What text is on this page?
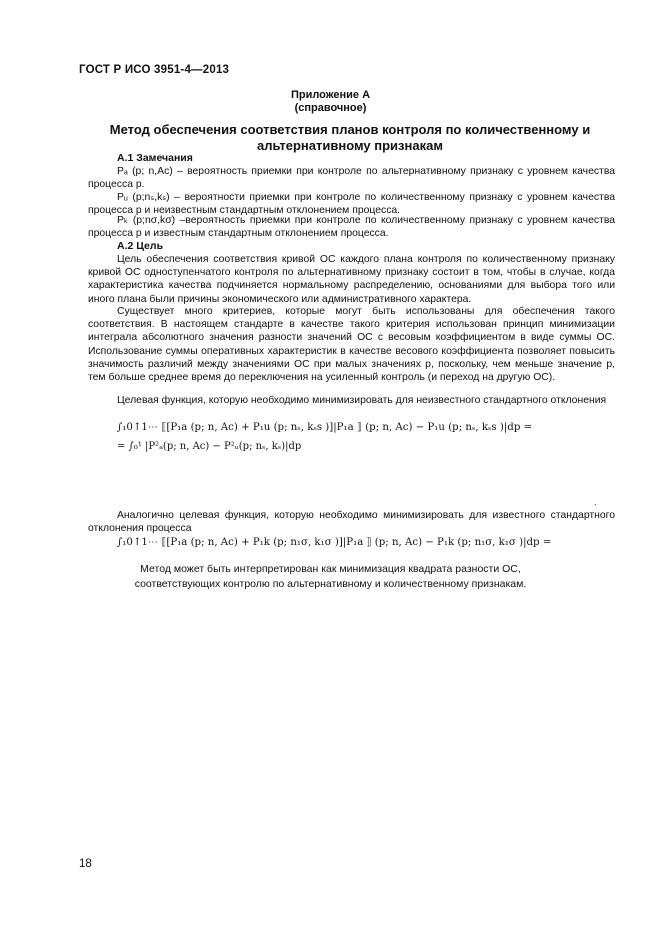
ГОСТ Р ИСО 3951-4—2013
Приложение А
(справочное)
Метод обеспечения соответствия планов контроля по количественному и
альтернативному признакам
А.1 Замечания
Pₐ (p; n,Ac) – вероятность приемки при контроле по альтернативному признаку с уровнем качества процесса p.
Pᵤ (p;nₛ,kₛ) – вероятности приемки при контроле по количественному признаку с уровнем качества процесса p и неизвестным стандартным отклонением процесса.
Pₖ (p;nσ,kσ) –вероятность приемки при контроле по количественному признаку с уровнем качества процесса p и известным стандартным отклонением процесса.
А.2 Цель
Цель обеспечения соответствия кривой ОС каждого плана контроля по количественному признаку кривой ОС одноступенчатого контроля по альтернативному признаку состоит в том, чтобы в случае, когда характеристика качества подчиняется нормальному распределению, основаниями для выбора того или иного плана были причины экономического или административного характера.
Существует много критериев, которые могут быть использованы для обеспечения такого соответствия. В настоящем стандарте в качестве такого критерия использован принцип минимизации интеграла абсолютного значения разности значений ОС с весовым коэффициентом в виде суммы ОС. Использование суммы оперативных характеристик в качестве весового коэффициента позволяет повысить значимость различий между значениями ОС при малых значениях p, поскольку, чем меньше значение p, тем больше среднее время до переключения на усиленный контроль (и переход на другую ОС).
Целевая функция, которую необходимо минимизировать для неизвестного стандартного отклонения
∫₁0↑1⋯ ⟦[P₁a (p; n, Ac) + P₁u (p; nₛ, kₛs )]|P₁a ⟧ (p; n, Ac) − P₁u (p; nₛ, kₛs )|dp =
= ∫₀¹ |P²ₐ(p; n, Ac) − P²ᵤ(p; nₛ, kₛ)|dp
.
Аналогично целевая функция, которую необходимо минимизировать для известного стандартного отклонения процесса
∫₁0↑1⋯ ⟦[P₁a (p; n, Ac) + P₁k (p; n₁σ, k₁σ )]|P₁a ⟧ (p; n, Ac) − P₁k (p; n₁σ, k₁σ )|dp =
Метод может быть интерпретирован как минимизация квадрата разности ОС,
соответствующих контролю по альтернативному и количественному признакам.
18
